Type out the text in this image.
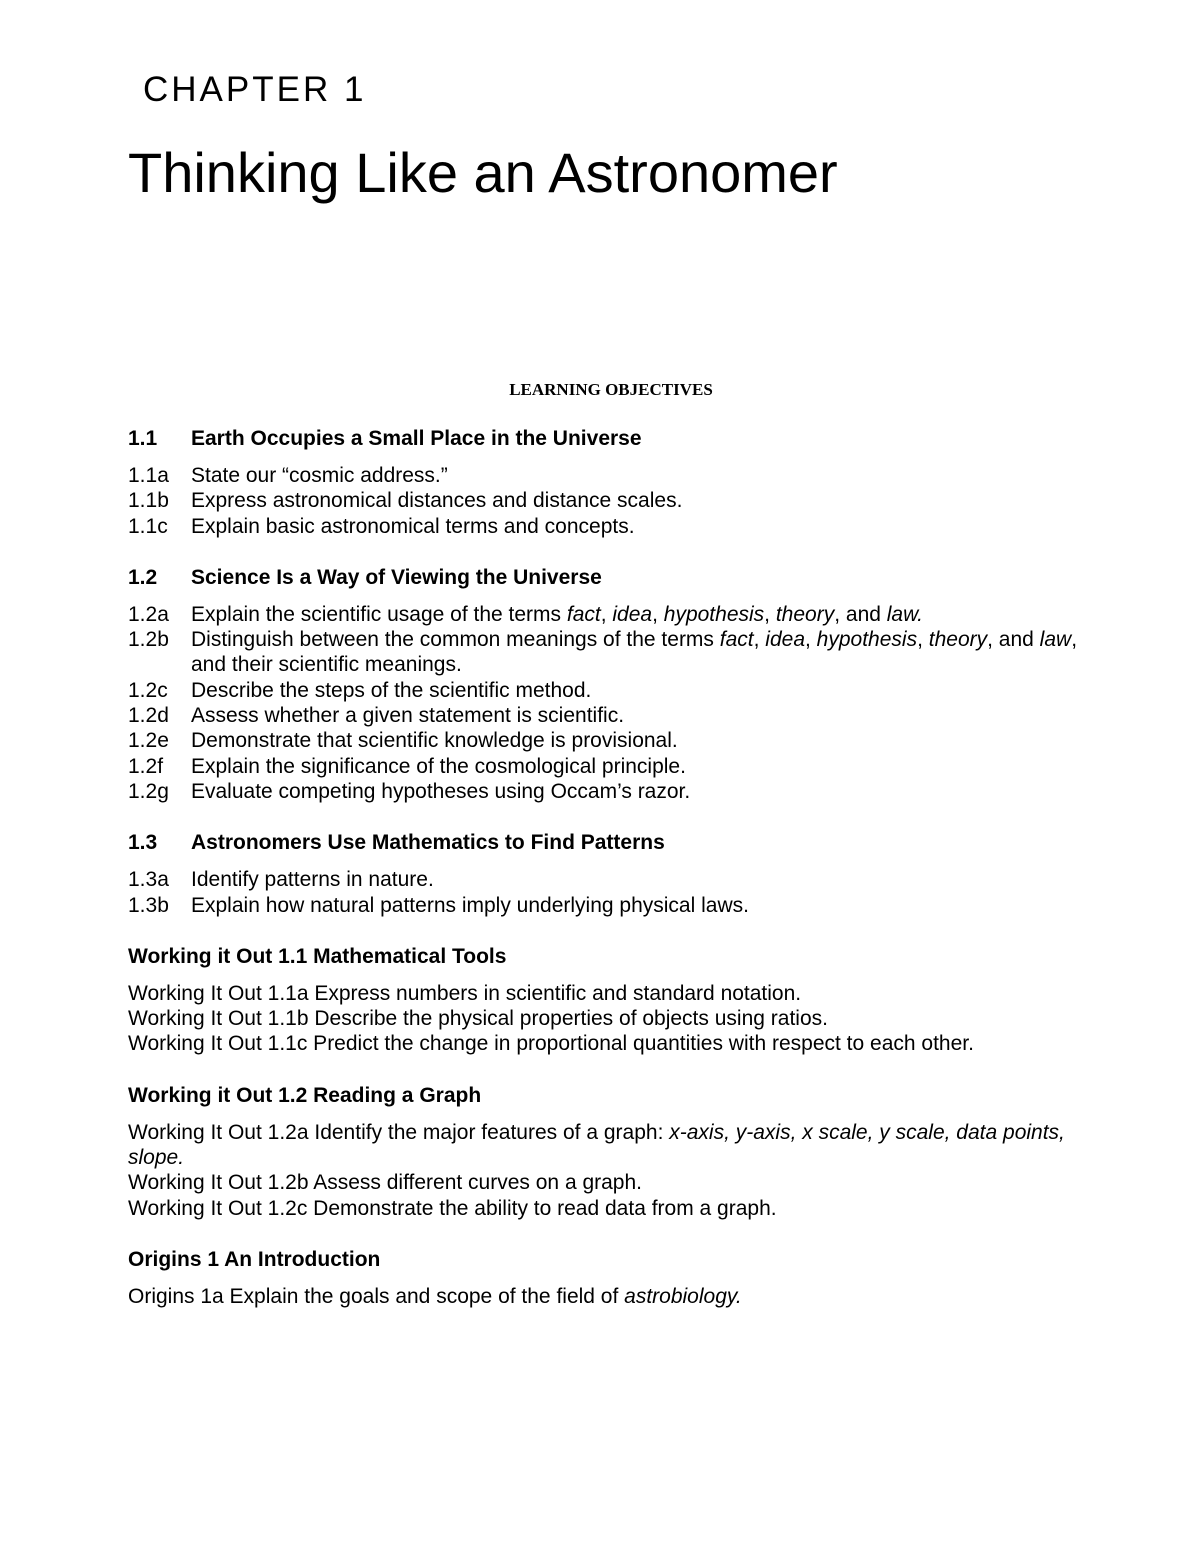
CHAPTER 1
Thinking Like an Astronomer
LEARNING OBJECTIVES
1.1	Earth Occupies a Small Place in the Universe
1.1a	State our “cosmic address.”
1.1b	Express astronomical distances and distance scales.
1.1c	Explain basic astronomical terms and concepts.
1.2	Science Is a Way of Viewing the Universe
1.2a	Explain the scientific usage of the terms fact, idea, hypothesis, theory, and law.
1.2b	Distinguish between the common meanings of the terms fact, idea, hypothesis, theory, and law, and their scientific meanings.
1.2c	Describe the steps of the scientific method.
1.2d	Assess whether a given statement is scientific.
1.2e	Demonstrate that scientific knowledge is provisional.
1.2f	Explain the significance of the cosmological principle.
1.2g	Evaluate competing hypotheses using Occam’s razor.
1.3	Astronomers Use Mathematics to Find Patterns
1.3a	Identify patterns in nature.
1.3b	Explain how natural patterns imply underlying physical laws.
Working it Out 1.1 Mathematical Tools
Working It Out 1.1a Express numbers in scientific and standard notation.
Working It Out 1.1b Describe the physical properties of objects using ratios.
Working It Out 1.1c Predict the change in proportional quantities with respect to each other.
Working it Out 1.2 Reading a Graph
Working It Out 1.2a Identify the major features of a graph: x-axis, y-axis, x scale, y scale, data points, slope.
Working It Out 1.2b Assess different curves on a graph.
Working It Out 1.2c Demonstrate the ability to read data from a graph.
Origins 1 An Introduction
Origins 1a Explain the goals and scope of the field of astrobiology.
